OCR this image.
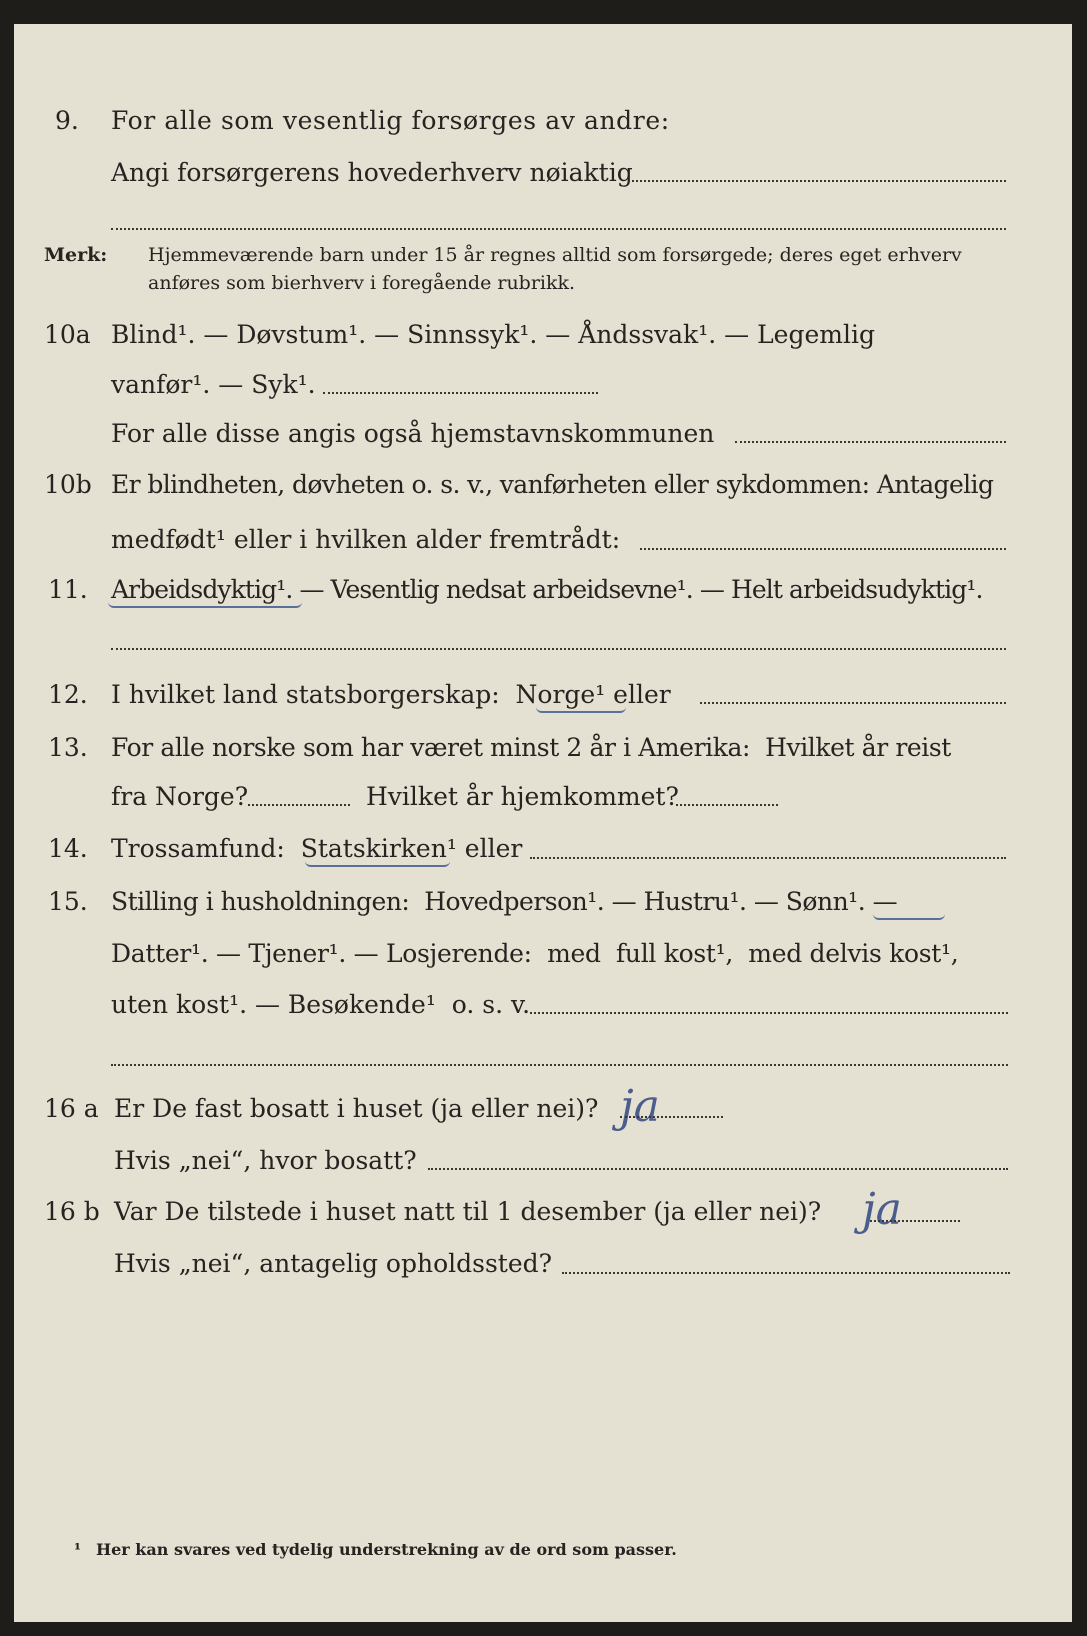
9. For alle som vesentlig forsørges av andre:
Angi forsørgerens hovederhverv nøiaktig
Merk: Hjemmeværende barn under 15 år regnes alltid som forsørgede; deres eget erhverv
anføres som bierhverv i foregående rubrikk.
10a Blind¹. — Døvstum¹. — Sinnssyk¹. — Åndssvak¹. — Legemlig
vanfør¹. — Syk¹.
For alle disse angis også hjemstavnskommunen
10b Er blindheten, døvheten o. s. v., vanførheten eller sykdommen: Antagelig
medfødt¹ eller i hvilken alder fremtrådt:
11. Arbeidsdyktig¹. — Vesentlig nedsat arbeidsevne¹. — Helt arbeidsudyktig¹.
12. I hvilket land statsborgerskap:  Norge¹ eller
13. For alle norske som har været minst 2 år i Amerika:  Hvilket år reist
fra Norge?	Hvilket år hjemkommet?
14. Trossamfund:  Statskirken¹ eller
15. Stilling i husholdningen:  Hovedperson¹. — Hustru¹. — Sønn¹. —
Datter¹. — Tjener¹. — Losjerende:  med  full kost¹,  med delvis kost¹,
uten kost¹. — Besøkende¹  o. s. v.
16 a Er De fast bosatt i huset (ja eller nei)? ja
Hvis „nei“, hvor bosatt?
16 b Var De tilstede i huset natt til 1 desember (ja eller nei)? ja
Hvis „nei“, antagelig opholdssted?
¹ Her kan svares ved tydelig understrekning av de ord som passer.
